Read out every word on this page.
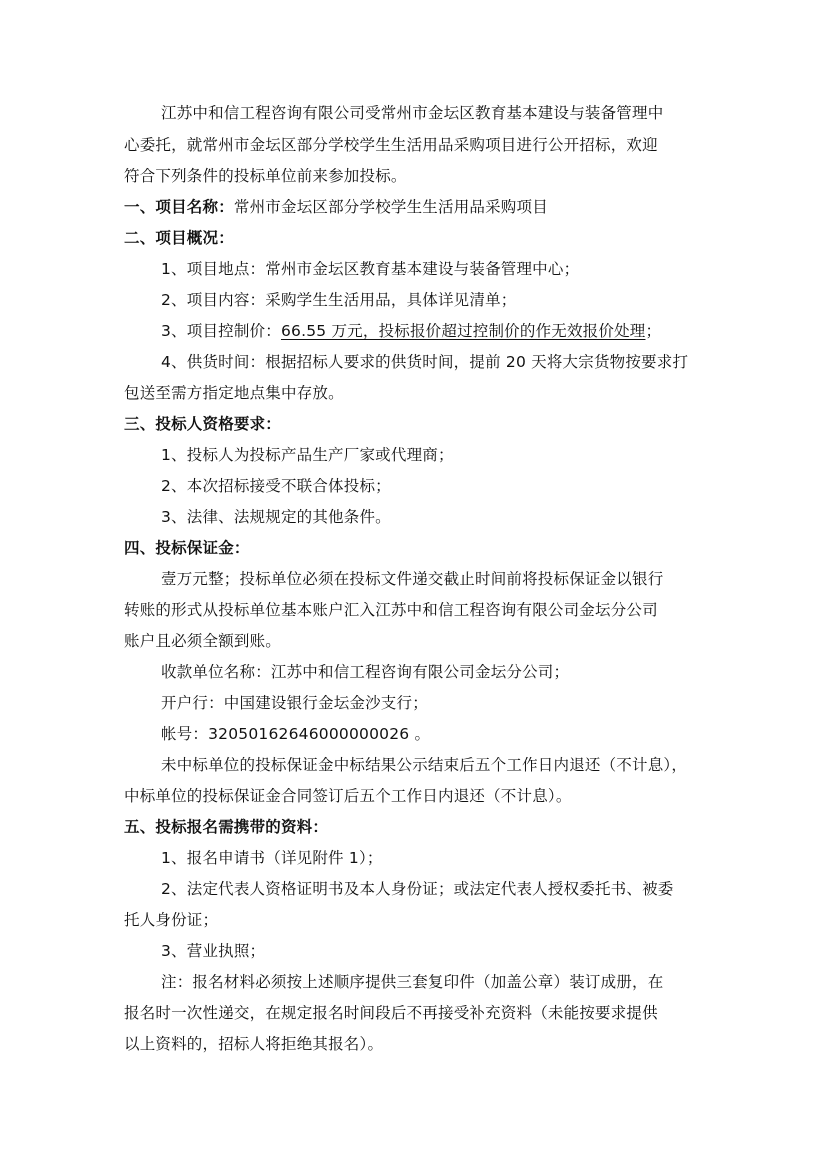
江苏中和信工程咨询有限公司受常州市金坛区教育基本建设与装备管理中
心委托，就常州市金坛区部分学校学生生活用品采购项目进行公开招标，欢迎
符合下列条件的投标单位前来参加投标。
一、项目名称：常州市金坛区部分学校学生生活用品采购项目
二、项目概况：
1、项目地点：常州市金坛区教育基本建设与装备管理中心；
2、项目内容：采购学生生活用品，具体详见清单；
3、项目控制价：66.55 万元，投标报价超过控制价的作无效报价处理；
4、供货时间：根据招标人要求的供货时间，提前 20 天将大宗货物按要求打
包送至需方指定地点集中存放。
三、投标人资格要求：
1、投标人为投标产品生产厂家或代理商；
2、本次招标接受不联合体投标；
3、法律、法规规定的其他条件。
四、投标保证金：
壹万元整；投标单位必须在投标文件递交截止时间前将投标保证金以银行
转账的形式从投标单位基本账户汇入江苏中和信工程咨询有限公司金坛分公司
账户且必须全额到账。
收款单位名称：江苏中和信工程咨询有限公司金坛分公司；
开户行：中国建设银行金坛金沙支行；
帐号：32050162646000000026 。
未中标单位的投标保证金中标结果公示结束后五个工作日内退还（不计息），
中标单位的投标保证金合同签订后五个工作日内退还（不计息）。
五、投标报名需携带的资料：
1、报名申请书（详见附件 1）；
2、法定代表人资格证明书及本人身份证；或法定代表人授权委托书、被委
托人身份证；
3、营业执照；
注：报名材料必须按上述顺序提供三套复印件（加盖公章）装订成册，在
报名时一次性递交，在规定报名时间段后不再接受补充资料（未能按要求提供
以上资料的，招标人将拒绝其报名）。
